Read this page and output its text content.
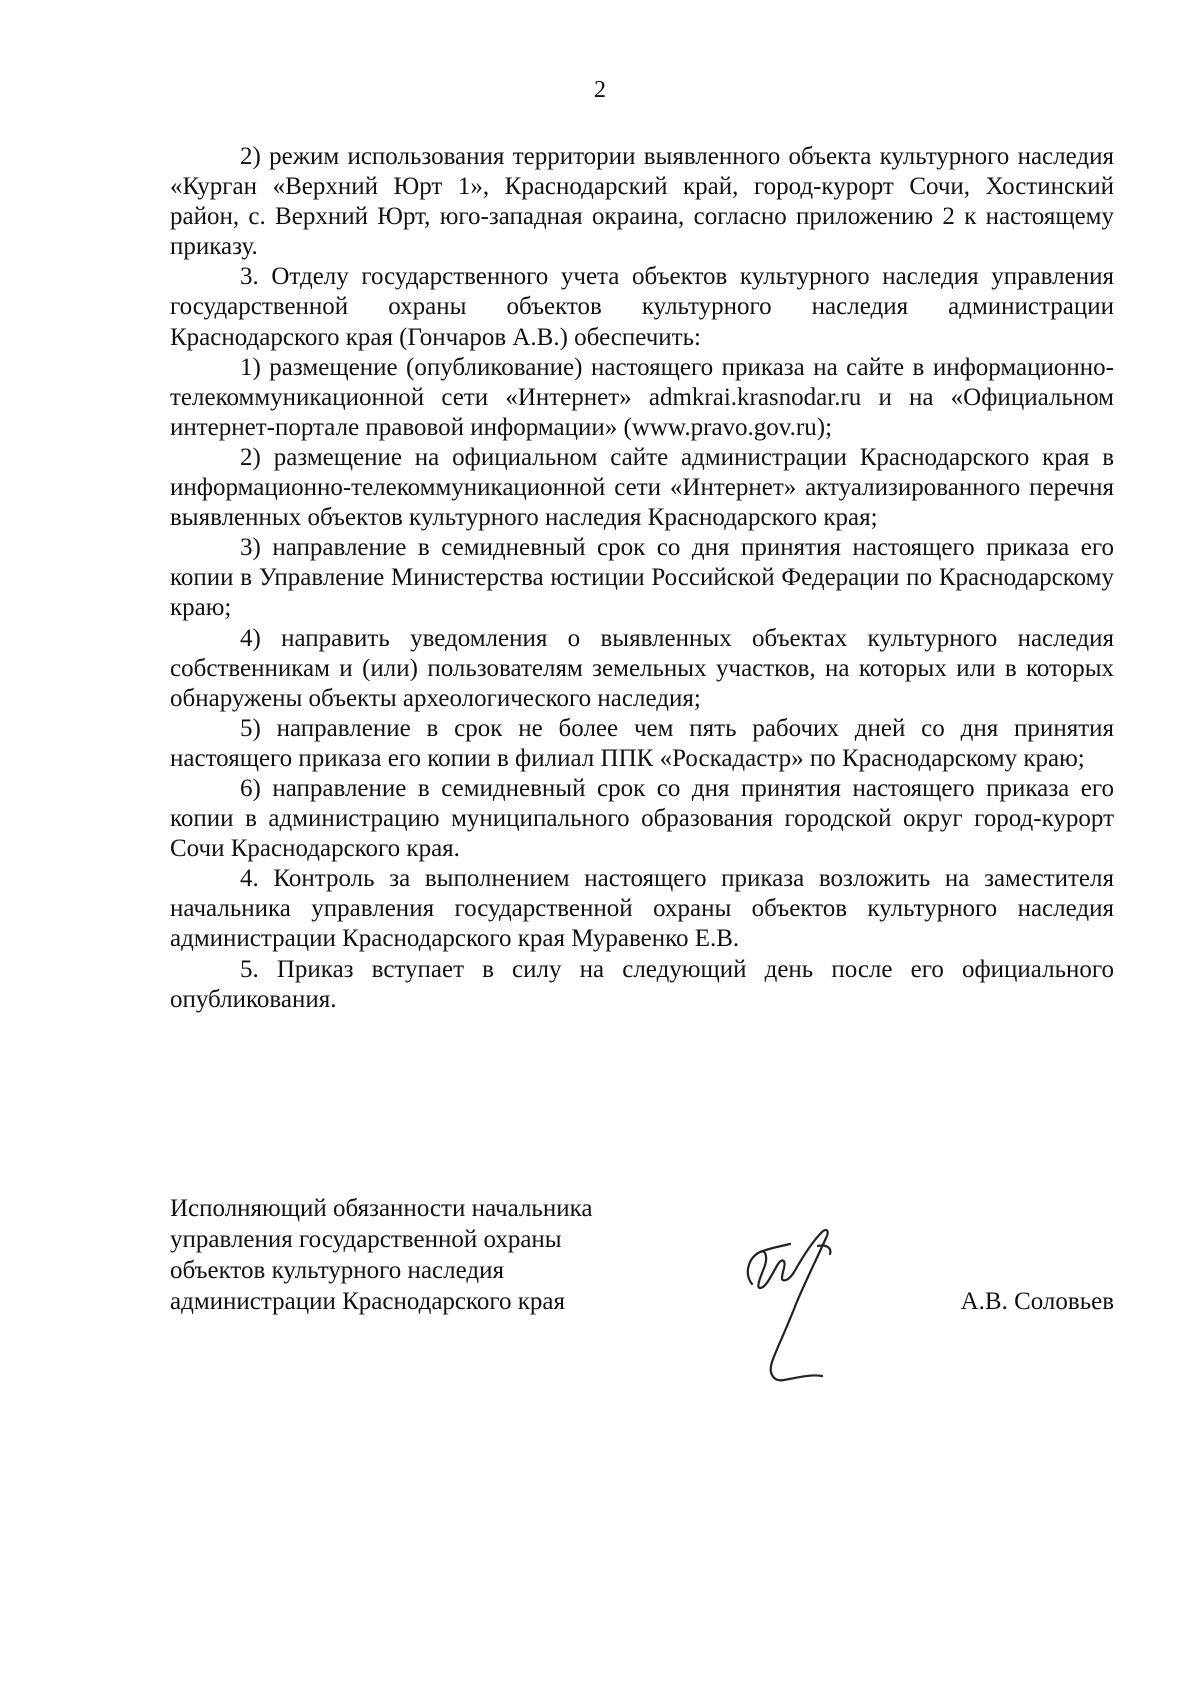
2

2) режим использования территории выявленного объекта культурного наследия «Курган «Верхний Юрт 1», Краснодарский край, город-курорт Сочи, Хостинский район, с. Верхний Юрт, юго-западная окраина, согласно приложению 2 к настоящему приказу.

3. Отделу государственного учета объектов культурного наследия управления государственной охраны объектов культурного наследия администрации Краснодарского края (Гончаров А.В.) обеспечить:

1) размещение (опубликование) настоящего приказа на сайте в информационно-телекоммуникационной сети «Интернет» admkrai.krasnodar.ru и на «Официальном интернет-портале правовой информации» (www.pravo.gov.ru);

2) размещение на официальном сайте администрации Краснодарского края в информационно-телекоммуникационной сети «Интернет» актуализированного перечня выявленных объектов культурного наследия Краснодарского края;

3) направление в семидневный срок со дня принятия настоящего приказа его копии в Управление Министерства юстиции Российской Федерации по Краснодарскому краю;

4) направить уведомления о выявленных объектах культурного наследия собственникам и (или) пользователям земельных участков, на которых или в которых обнаружены объекты археологического наследия;

5) направление в срок не более чем пять рабочих дней со дня принятия настоящего приказа его копии в филиал ППК «Роскадастр» по Краснодарскому краю;

6) направление в семидневный срок со дня принятия настоящего приказа его копии в администрацию муниципального образования городской округ город-курорт Сочи Краснодарского края.

4. Контроль за выполнением настоящего приказа возложить на заместителя начальника управления государственной охраны объектов культурного наследия администрации Краснодарского края Муравенко Е.В.

5. Приказ вступает в силу на следующий день после его официального опубликования.

Исполняющий обязанности начальника
управления государственной охраны
объектов культурного наследия
администрации Краснодарского края	А.В. Соловьев
